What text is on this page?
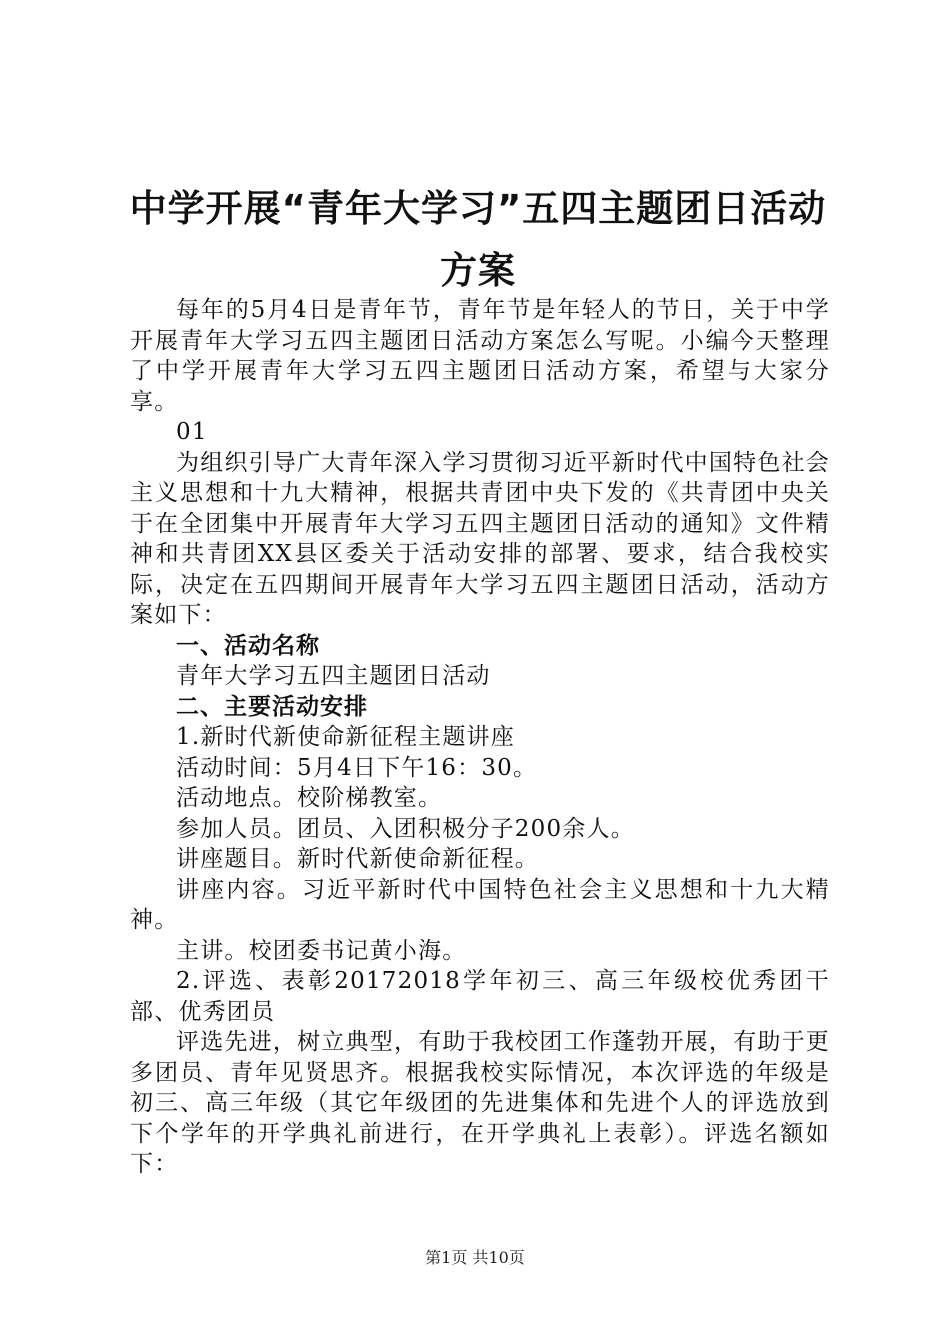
中学开展“青年大学习”五四主题团日活动方案

每年的5月4日是青年节，青年节是年轻人的节日，关于中学开展青年大学习五四主题团日活动方案怎么写呢。小编今天整理了中学开展青年大学习五四主题团日活动方案，希望与大家分享。

01

为组织引导广大青年深入学习贯彻习近平新时代中国特色社会主义思想和十九大精神，根据共青团中央下发的《共青团中央关于在全团集中开展青年大学习五四主题团日活动的通知》文件精神和共青团XX县区委关于活动安排的部署、要求，结合我校实际，决定在五四期间开展青年大学习五四主题团日活动，活动方案如下：

一、活动名称

青年大学习五四主题团日活动

二、主要活动安排

1.新时代新使命新征程主题讲座

活动时间：5月4日下午16：30。

活动地点。校阶梯教室。

参加人员。团员、入团积极分子200余人。

讲座题目。新时代新使命新征程。

讲座内容。习近平新时代中国特色社会主义思想和十九大精神。

主讲。校团委书记黄小海。

2.评选、表彰20172018学年初三、高三年级校优秀团干部、优秀团员

评选先进，树立典型，有助于我校团工作蓬勃开展，有助于更多团员、青年见贤思齐。根据我校实际情况，本次评选的年级是初三、高三年级（其它年级团的先进集体和先进个人的评选放到下个学年的开学典礼前进行，在开学典礼上表彰）。评选名额如下：

第1页 共10页
